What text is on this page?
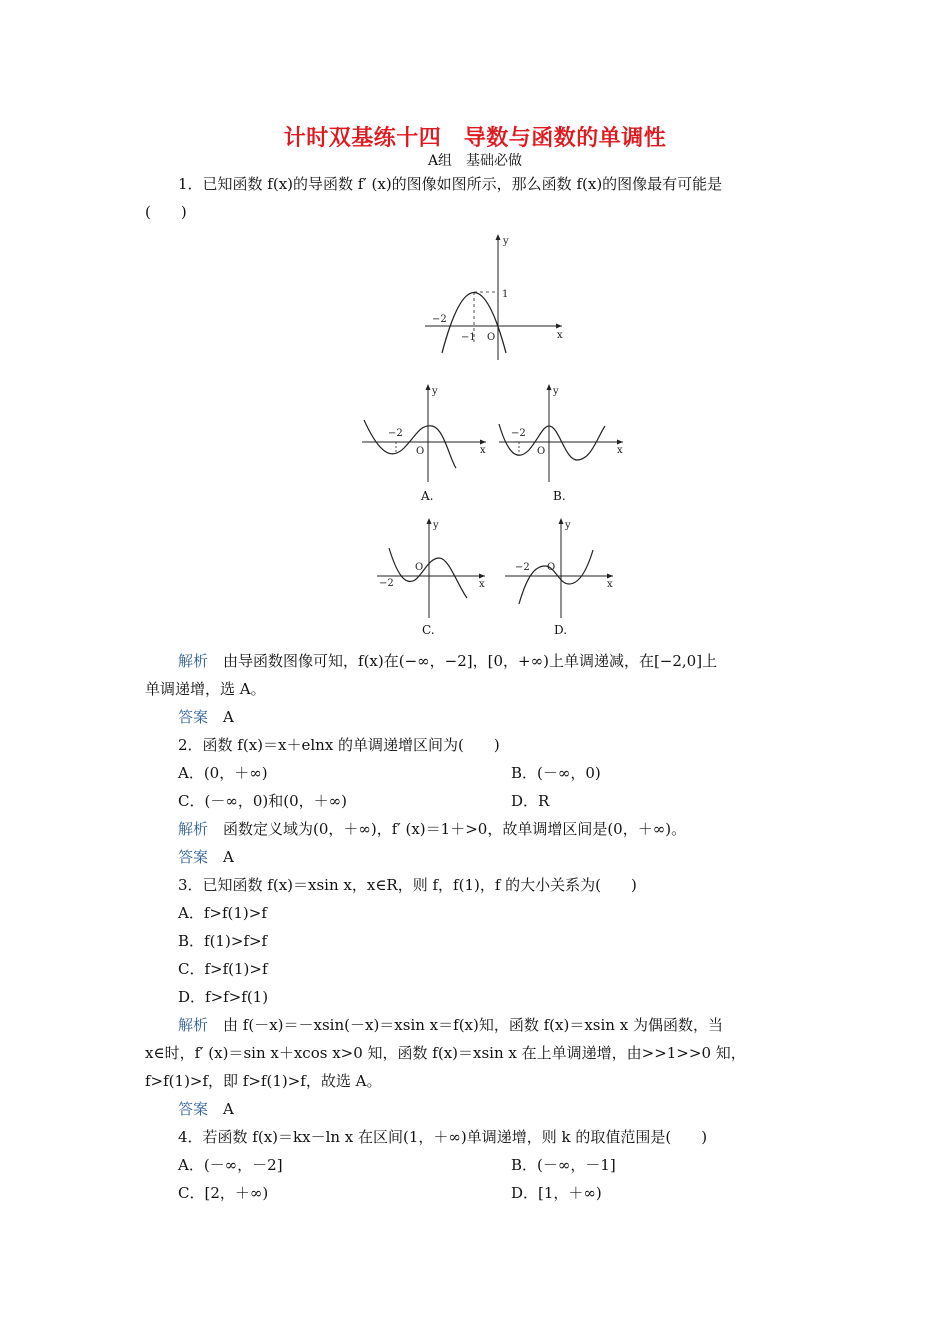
计时双基练十四　导数与函数的单调性
A组　基础必做
1．已知函数 f(x)的导函数 f′ (x)的图像如图所示，那么函数 f(x)的图像最有可能是
(　　)
y
x
1
−2
−1 O
y
x
−2
O
A.
y
x
−2
O
B.
y
x
−2
O
C.
y
x
−2 O
D.
解析　 由导函数图像可知，f(x)在(−∞，−2]，[0，+∞)上单调递减，在[−2,0]上
单调递增，选 A。
答案　 A
2．函数 f(x)＝x＋elnx 的单调递增区间为(　　)
A．(0，＋∞)	B．(－∞，0)
C．(－∞，0)和(0，＋∞)	D．R
解析　 函数定义域为(0，＋∞)，f′ (x)＝1＋>0，故单调增区间是(0，＋∞)。
答案　 A
3．已知函数 f(x)＝xsin x，x∈R，则 f，f(1)，f 的大小关系为(　　)
A．f>f(1)>f
B．f(1)>f>f
C．f>f(1)>f
D．f>f>f(1)
解析　 由 f(－x)＝－xsin(－x)＝xsin x＝f(x)知，函数 f(x)＝xsin x 为偶函数，当
x∈时，f′ (x)＝sin x＋xcos x>0 知，函数 f(x)＝xsin x 在上单调递增，由>>1>>0 知，
f>f(1)>f，即 f>f(1)>f，故选 A。
答案　 A
4．若函数 f(x)＝kx－ln x 在区间(1，＋∞)单调递增，则 k 的取值范围是(　　)
A．(－∞，－2]	B．(－∞，－1]
C．[2，＋∞)	D．[1，＋∞)
